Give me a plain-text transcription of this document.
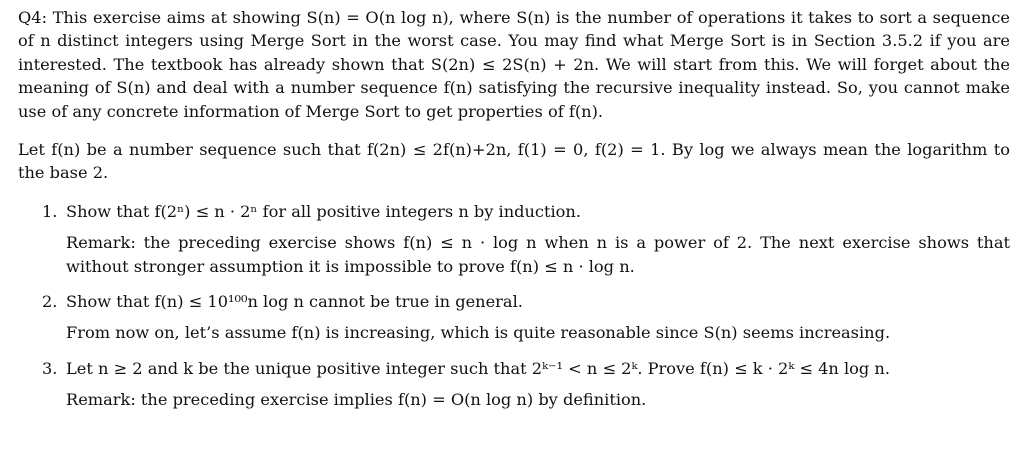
Q4: This exercise aims at showing S(n) = O(n log n), where S(n) is the number of operations it takes to sort a sequence of n distinct integers using Merge Sort in the worst case. You may find what Merge Sort is in Section 3.5.2 if you are interested. The textbook has already shown that S(2n) ≤ 2S(n) + 2n. We will start from this. We will forget about the meaning of S(n) and deal with a number sequence f(n) satisfying the recursive inequality instead. So, you cannot make use of any concrete information of Merge Sort to get properties of f(n).

Let f(n) be a number sequence such that f(2n) ≤ 2f(n)+2n, f(1) = 0, f(2) = 1. By log we always mean the logarithm to the base 2.

1. Show that f(2ⁿ) ≤ n · 2ⁿ for all positive integers n by induction.

Remark: the preceding exercise shows f(n) ≤ n · log n when n is a power of 2. The next exercise shows that without stronger assumption it is impossible to prove f(n) ≤ n · log n.

2. Show that f(n) ≤ 10¹⁰⁰n log n cannot be true in general.

From now on, let’s assume f(n) is increasing, which is quite reasonable since S(n) seems increasing.

3. Let n ≥ 2 and k be the unique positive integer such that 2ᵏ⁻¹ < n ≤ 2ᵏ. Prove f(n) ≤ k · 2ᵏ ≤ 4n log n.

Remark: the preceding exercise implies f(n) = O(n log n) by definition.
